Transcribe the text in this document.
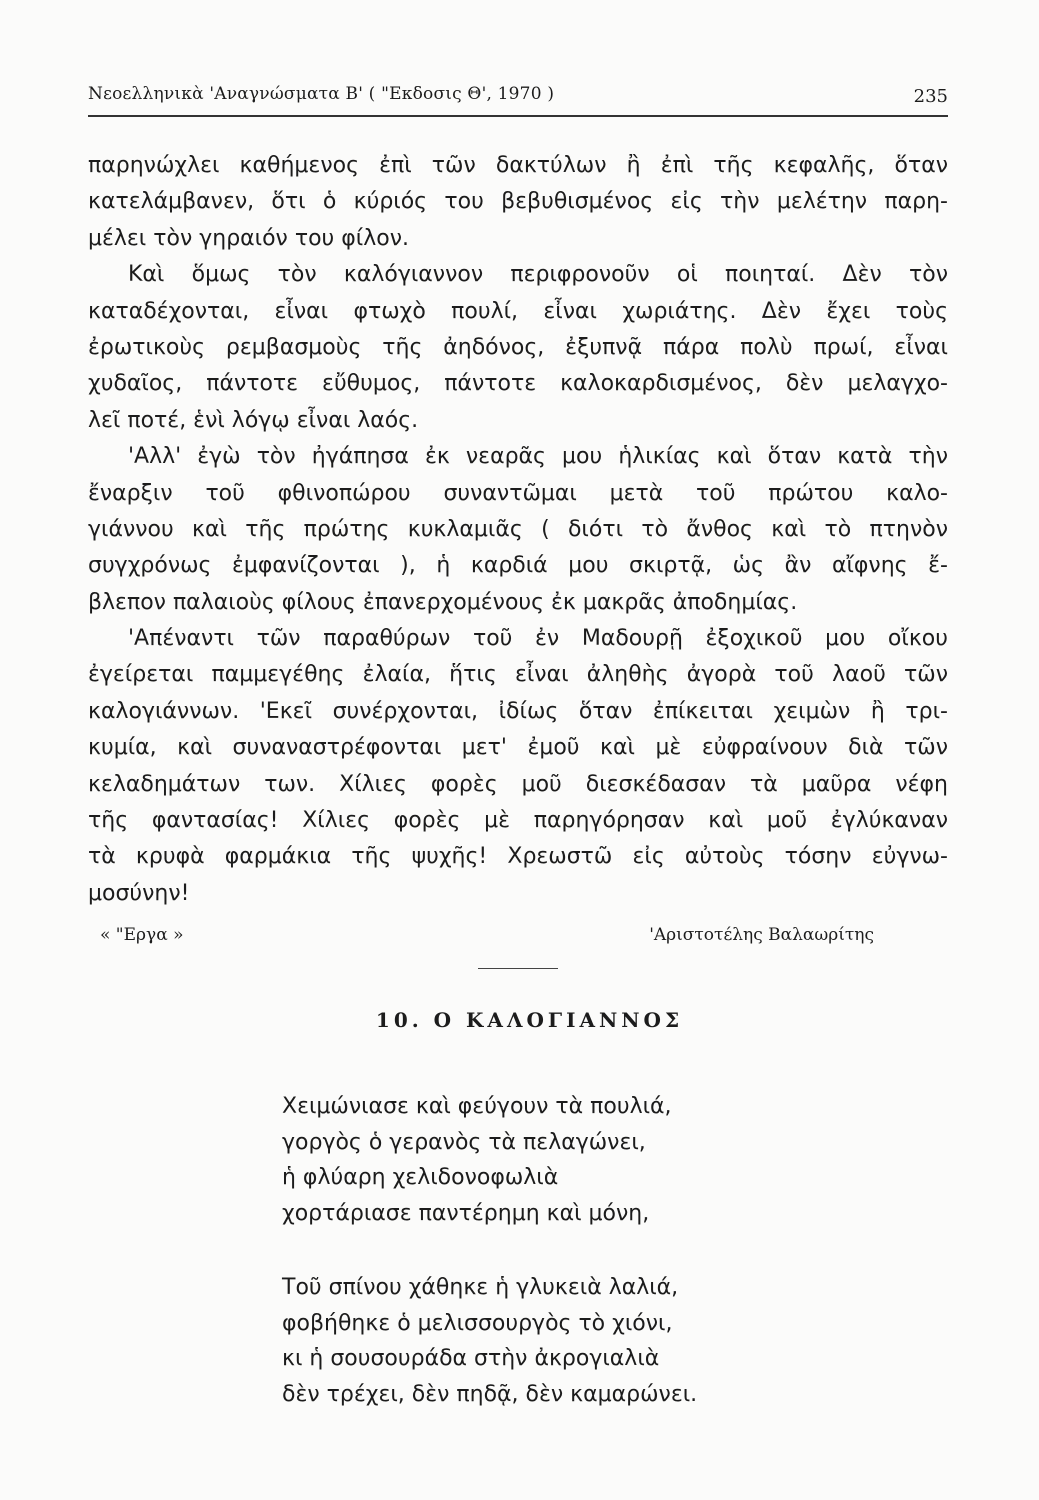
Νεοελληνικὰ 'Αναγνώσματα Β' ( "Εκδοσις Θ', 1970 )	235
παρηνώχλει καθήμενος ἐπὶ τῶν δακτύλων ἢ ἐπὶ τῆς κεφαλῆς, ὅταν
κατελάμβανεν, ὅτι ὁ κύριός του βεβυθισμένος εἰς τὴν μελέτην παρη-
μέλει τὸν γηραιόν του φίλον.
Καὶ ὅμως τὸν καλόγιαννον περιφρονοῦν οἱ ποιηταί. Δὲν τὸν
καταδέχονται, εἶναι φτωχὸ πουλί, εἶναι χωριάτης. Δὲν ἔχει τοὺς
ἐρωτικοὺς ρεμβασμοὺς τῆς ἀηδόνος, ἐξυπνᾷ πάρα πολὺ πρωί, εἶναι
χυδαῖος, πάντοτε εὔθυμος, πάντοτε καλοκαρδισμένος, δὲν μελαγχο-
λεῖ ποτέ, ἑνὶ λόγῳ εἶναι λαός.
'Αλλ' ἐγὼ τὸν ἠγάπησα ἐκ νεαρᾶς μου ἡλικίας καὶ ὅταν κατὰ τὴν
ἔναρξιν τοῦ φθινοπώρου συναντῶμαι μετὰ τοῦ πρώτου καλο-
γιάννου καὶ τῆς πρώτης κυκλαμιᾶς ( διότι τὸ ἄνθος καὶ τὸ πτηνὸν
συγχρόνως ἐμφανίζονται ), ἡ καρδιά μου σκιρτᾷ, ὡς ἂν αἴφνης ἔ-
βλεπον παλαιοὺς φίλους ἐπανερχομένους ἐκ μακρᾶς ἀποδημίας.
'Απέναντι τῶν παραθύρων τοῦ ἐν Μαδουρῇ ἐξοχικοῦ μου οἴκου
ἐγείρεται παμμεγέθης ἐλαία, ἥτις εἶναι ἀληθὴς ἀγορὰ τοῦ λαοῦ τῶν
καλογιάννων. 'Εκεῖ συνέρχονται, ἰδίως ὅταν ἐπίκειται χειμὼν ἢ τρι-
κυμία, καὶ συναναστρέφονται μετ' ἐμοῦ καὶ μὲ εὐφραίνουν διὰ τῶν
κελαδημάτων των. Χίλιες φορὲς μοῦ διεσκέδασαν τὰ μαῦρα νέφη
τῆς φαντασίας! Χίλιες φορὲς μὲ παρηγόρησαν καὶ μοῦ ἐγλύκαναν
τὰ κρυφὰ φαρμάκια τῆς ψυχῆς! Χρεωστῶ εἰς αὐτοὺς τόσην εὐγνω-
μοσύνην!
« "Εργα »	'Αριστοτέλης Βαλαωρίτης
10. Ο ΚΑΛΟΓΙΑΝΝΟΣ
Χειμώνιασε καὶ φεύγουν τὰ πουλιά,
γοργὸς ὁ γερανὸς τὰ πελαγώνει,
ἡ φλύαρη χελιδονοφωλιὰ
χορτάριασε παντέρημη καὶ μόνη,
Τοῦ σπίνου χάθηκε ἡ γλυκειὰ λαλιά,
φοβήθηκε ὁ μελισσουργὸς τὸ χιόνι,
κι ἡ σουσουράδα στὴν ἀκρογιαλιὰ
δὲν τρέχει, δὲν πηδᾷ, δὲν καμαρώνει.
